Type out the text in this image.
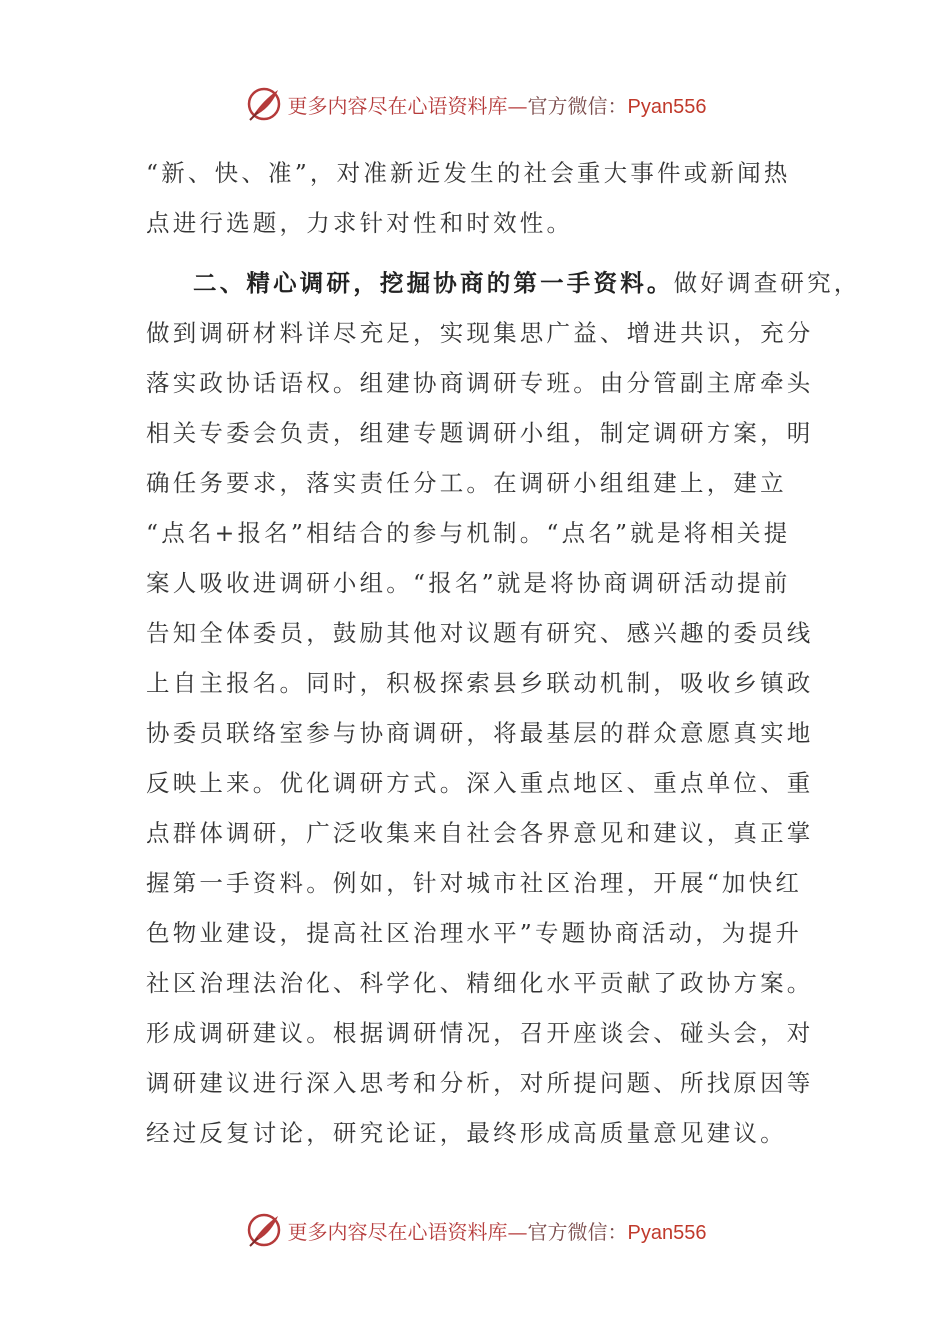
更多内容尽在心语资料库—官方微信：Pyan556
“新、快、准”，对准新近发生的社会重大事件或新闻热
点进行选题，力求针对性和时效性。
二、精心调研，挖掘协商的第一手资料。做好调查研究，
做到调研材料详尽充足，实现集思广益、增进共识，充分
落实政协话语权。组建协商调研专班。由分管副主席牵头
相关专委会负责，组建专题调研小组，制定调研方案，明
确任务要求，落实责任分工。在调研小组组建上，建立
“点名+报名”相结合的参与机制。“点名”就是将相关提
案人吸收进调研小组。“报名”就是将协商调研活动提前
告知全体委员，鼓励其他对议题有研究、感兴趣的委员线
上自主报名。同时，积极探索县乡联动机制，吸收乡镇政
协委员联络室参与协商调研，将最基层的群众意愿真实地
反映上来。优化调研方式。深入重点地区、重点单位、重
点群体调研，广泛收集来自社会各界意见和建议，真正掌
握第一手资料。例如，针对城市社区治理，开展“加快红
色物业建设，提高社区治理水平”专题协商活动，为提升
社区治理法治化、科学化、精细化水平贡献了政协方案。
形成调研建议。根据调研情况，召开座谈会、碰头会，对
调研建议进行深入思考和分析，对所提问题、所找原因等
经过反复讨论，研究论证，最终形成高质量意见建议。
更多内容尽在心语资料库—官方微信：Pyan556
